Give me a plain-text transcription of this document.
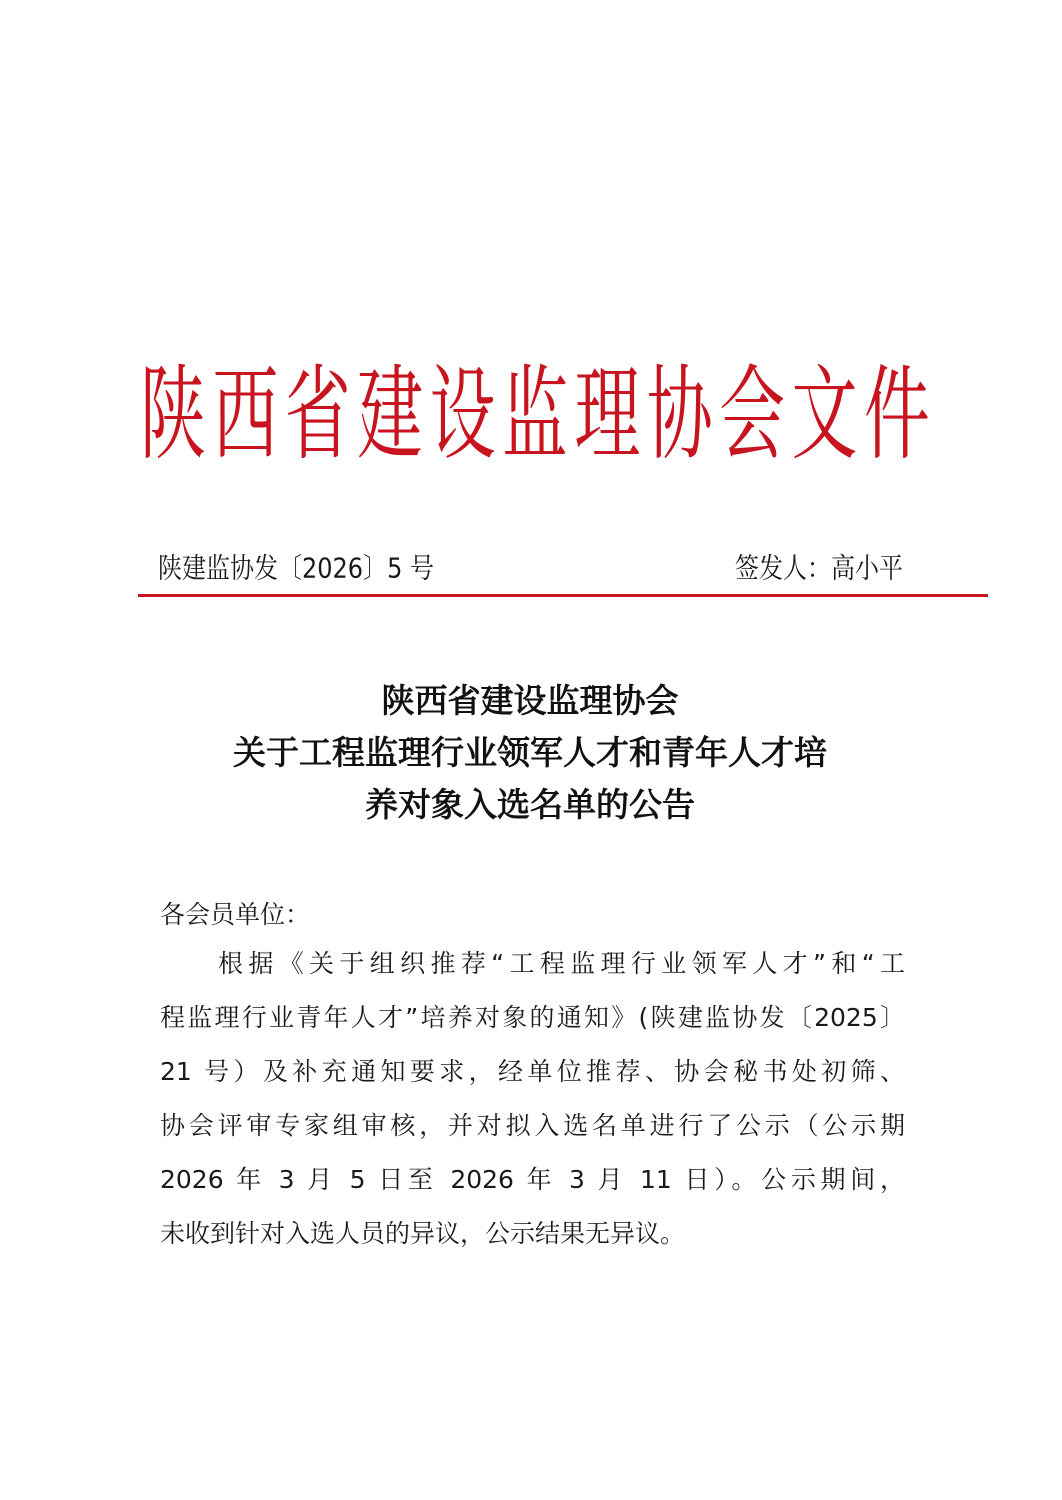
陕 西 省 建 设 监 理 协 会 文 件
陕建监协发〔2026〕5 号	签发人：高小平
陕西省建设监理协会
关于工程监理行业领军人才和青年人才培
养对象入选名单的公告
各会员单位：
根据《关于组织推荐“工程监理行业领军人才”和“工
程监理行业青年人才”培养对象的通知》(陕建监协发〔2025〕
21 号）及补充通知要求，经单位推荐、协会秘书处初筛、
协会评审专家组审核，并对拟入选名单进行了公示（公示期
2026 年 3 月 5 日至 2026 年 3 月 11 日）。公示期间，
未收到针对入选人员的异议，公示结果无异议。
